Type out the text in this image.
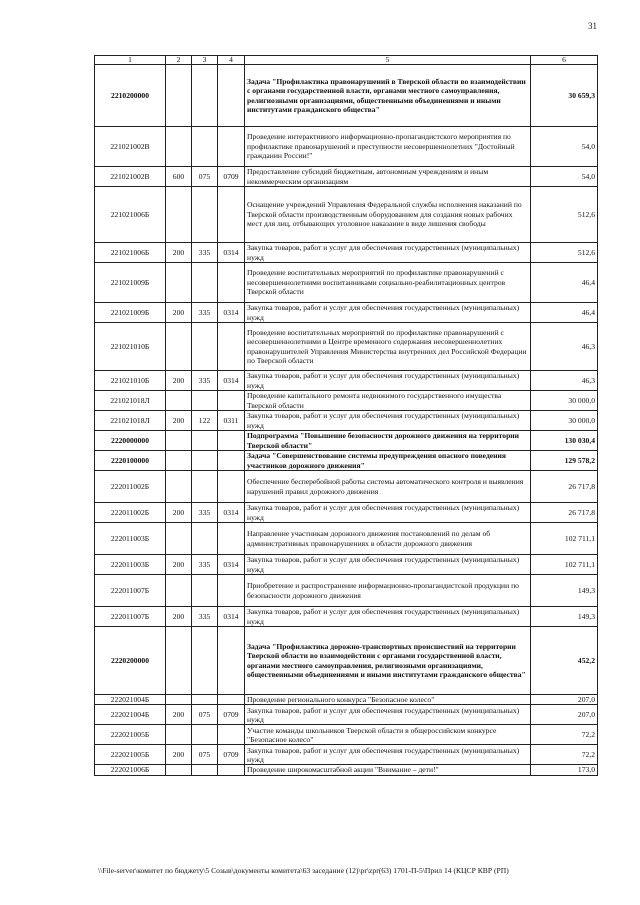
31
1	2	3	4	5	6
2210200000				Задача "Профилактика правонарушений в Тверской области во взаимодействии с органами государственной власти, органами местного самоуправления, религиозными организациями, общественными объединениями и иными институтами гражданского общества"	30 659,3
221021002В				Проведение интерактивного информационно-пропагандистского мероприятия по профилактике правонарушений и преступности несовершеннолетних "Достойный гражданин России!"	54,0
221021002В	600	075	0709	Предоставление субсидий бюджетным, автономным учреждениям и иным некоммерческим организациям	54,0
221021006Б				Оснащение учреждений Управления Федеральной службы исполнения наказаний по Тверской области производственным оборудованием для создания новых рабочих мест для лиц, отбывающих уголовное наказание в виде лишения свободы	512,6
221021006Б	200	335	0314	Закупка товаров, работ и услуг для обеспечения государственных (муниципальных) нужд	512,6
221021009Б				Проведение воспитательных мероприятий по профилактике правонарушений с несовершеннолетними воспитанниками социально-реабилитационных центров Тверской области	46,4
221021009Б	200	335	0314	Закупка товаров, работ и услуг для обеспечения государственных (муниципальных) нужд	46,4
221021010Б				Проведение воспитательных мероприятий по профилактике правонарушений с несовершеннолетними в Центре временного содержания несовершеннолетних правонарушителей Управления Министерства внутренних дел Российской Федерации по Тверской области	46,3
221021010Б	200	335	0314	Закупка товаров, работ и услуг для обеспечения государственных (муниципальных) нужд	46,3
221021018Л				Проведение капитального ремонта недвижимого государственного имущества Тверской области	30 000,0
221021018Л	200	122	0311	Закупка товаров, работ и услуг для обеспечения государственных (муниципальных) нужд	30 000,0
2220000000				Подпрограмма "Повышение безопасности дорожного движения на территории Тверской области"	130 030,4
2220100000				Задача "Совершенствование системы предупреждения опасного поведения участников дорожного движения"	129 578,2
222011002Б				Обеспечение бесперебойной работы системы автоматического контроля и выявления нарушений правил дорожного движения	26 717,8
222011002Б	200	335	0314	Закупка товаров, работ и услуг для обеспечения государственных (муниципальных) нужд	26 717,8
222011003Б				Направление участникам дорожного движения постановлений по делам об административных правонарушениях в области дорожного движения	102 711,1
222011003Б	200	335	0314	Закупка товаров, работ и услуг для обеспечения государственных (муниципальных) нужд	102 711,1
222011007Б				Приобретение и распространение информационно-пропагандистской продукции по безопасности дорожного движения	149,3
222011007Б	200	335	0314	Закупка товаров, работ и услуг для обеспечения государственных (муниципальных) нужд	149,3
2220200000				Задача "Профилактика дорожно-транспортных происшествий на территории Тверской области во взаимодействии с органами государственной власти, органами местного самоуправления, религиозными организациями, общественными объединениями и иными институтами гражданского общества"	452,2
222021004Б				Проведение регионального конкурса "Безопасное колесо"	207,0
222021004Б	200	075	0709	Закупка товаров, работ и услуг для обеспечения государственных (муниципальных) нужд	207,0
222021005Б				Участие команды школьников Тверской области в общероссийском конкурсе "Безопасное колесо"	72,2
222021005Б	200	075	0709	Закупка товаров, работ и услуг для обеспечения государственных (муниципальных) нужд	72,2
222021006Б				Проведение широкомасштабной акции "Внимание – дети!"	173,0
\\File-server\комитет по бюджету\5 Созыв\документы комитета\63 заседание (12)\pr\zpr(63) 1701-П-5\Прил 14 (КЦСР КВР (РП)
